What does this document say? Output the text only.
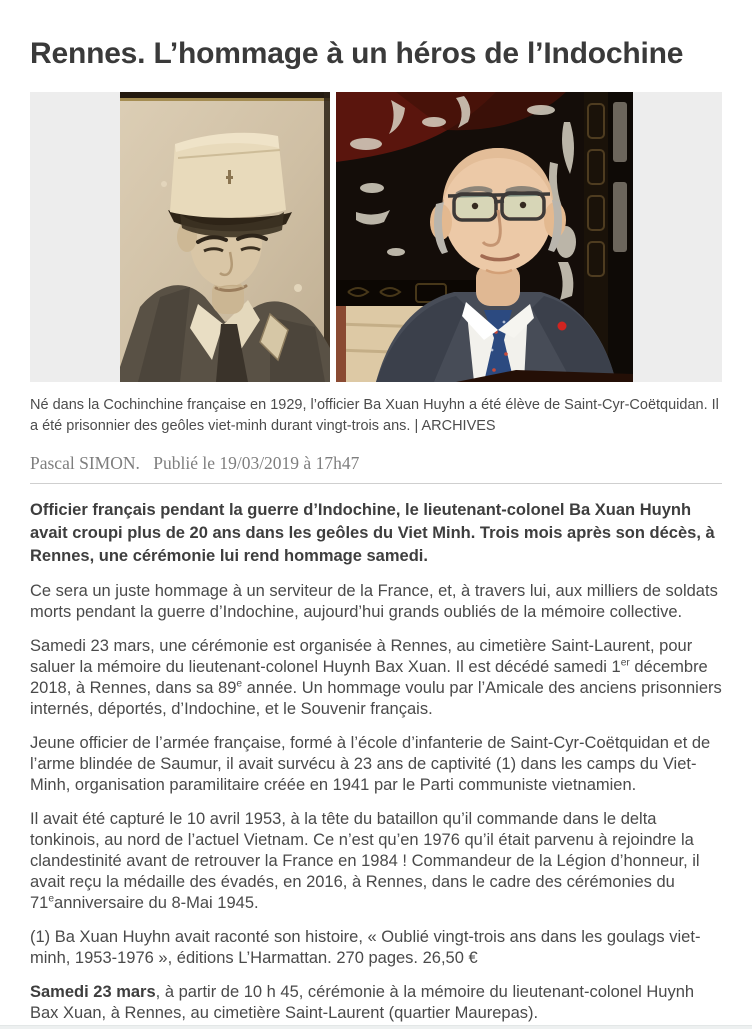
Rennes. L’hommage à un héros de l’Indochine
Né dans la Cochinchine française en 1929, l’officier Ba Xuan Huyhn a été élève de Saint-Cyr-Coëtquidan. Il a été prisonnier des geôles viet-minh durant vingt-trois ans. | ARCHIVES
Pascal SIMON. Publié le 19/03/2019 à 17h47

Officier français pendant la guerre d’Indochine, le lieutenant-colonel Ba Xuan Huynh avait croupi plus de 20 ans dans les geôles du Viet Minh. Trois mois après son décès, à Rennes, une cérémonie lui rend hommage samedi.

Ce sera un juste hommage à un serviteur de la France, et, à travers lui, aux milliers de soldats morts pendant la guerre d’Indochine, aujourd’hui grands oubliés de la mémoire collective.

Samedi 23 mars, une cérémonie est organisée à Rennes, au cimetière Saint-Laurent, pour saluer la mémoire du lieutenant-colonel Huynh Bax Xuan. Il est décédé samedi 1er décembre 2018, à Rennes, dans sa 89e année. Un hommage voulu par l’Amicale des anciens prisonniers internés, déportés, d’Indochine, et le Souvenir français.

Jeune officier de l’armée française, formé à l’école d’infanterie de Saint-Cyr-Coëtquidan et de l’arme blindée de Saumur, il avait survécu à 23 ans de captivité (1) dans les camps du Viet-Minh, organisation paramilitaire créée en 1941 par le Parti communiste vietnamien.

Il avait été capturé le 10 avril 1953, à la tête du bataillon qu’il commande dans le delta tonkinois, au nord de l’actuel Vietnam. Ce n’est qu’en 1976 qu’il était parvenu à rejoindre la clandestinité avant de retrouver la France en 1984 ! Commandeur de la Légion d’honneur, il avait reçu la médaille des évadés, en 2016, à Rennes, dans le cadre des cérémonies du 71eanniversaire du 8-Mai 1945.

(1) Ba Xuan Huyhn avait raconté son histoire, « Oublié vingt-trois ans dans les goulags viet-minh, 1953-1976 », éditions L’Harmattan. 270 pages. 26,50 €

Samedi 23 mars, à partir de 10 h 45, cérémonie à la mémoire du lieutenant-colonel Huynh Bax Xuan, à Rennes, au cimetière Saint-Laurent (quartier Maurepas).
